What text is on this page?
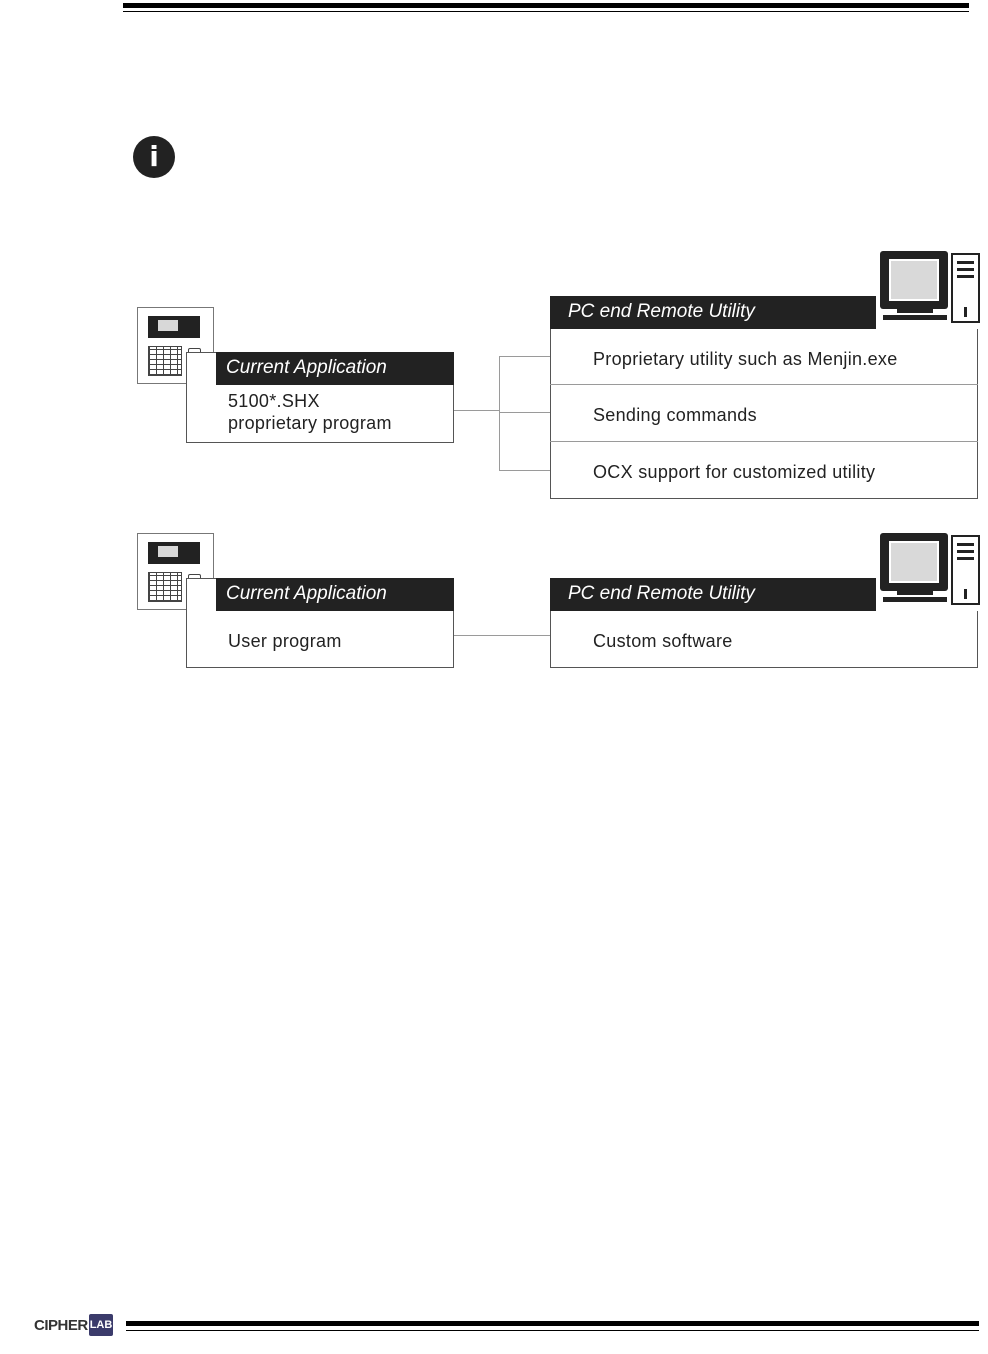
i
Current Application
5100*.SHX
proprietary program
PC end Remote Utility
Proprietary utility such as Menjin.exe
Sending commands
OCX support for customized utility
Current Application
User program
PC end Remote Utility
Custom software
CIPHER LAB
